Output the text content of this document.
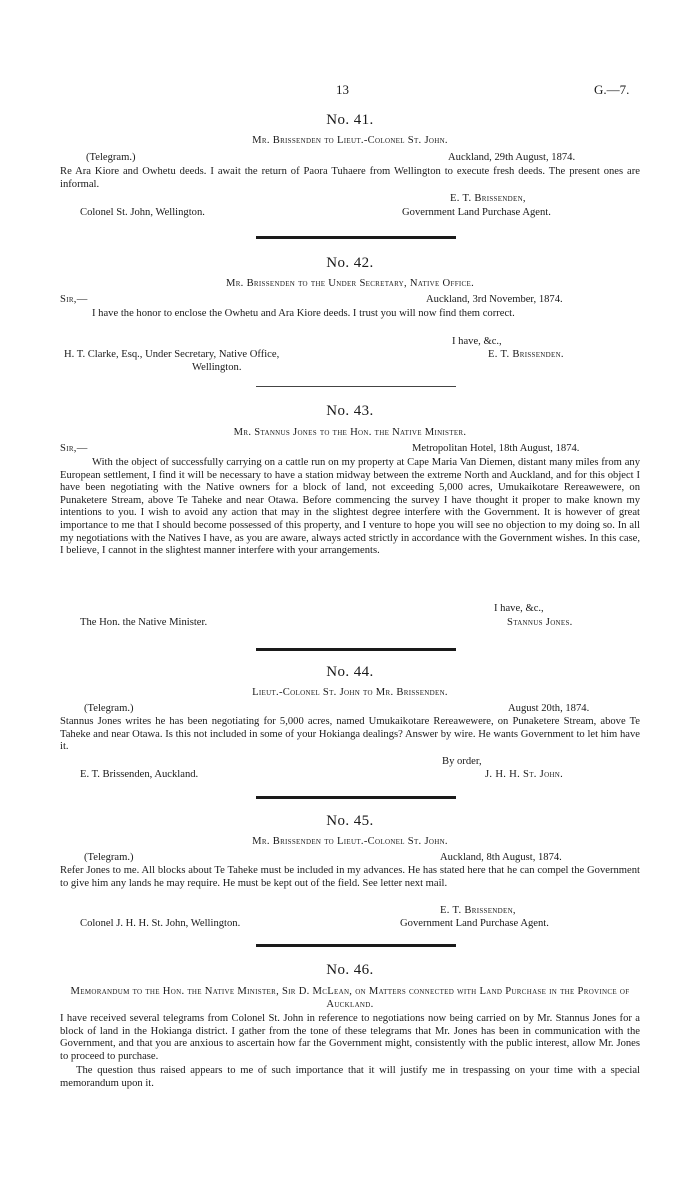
13	G.—7.
No. 41.
Mr. Brissenden to Lieut.-Colonel St. John.
(Telegram.)	Auckland, 29th August, 1874.
Re Ara Kiore and Owhetu deeds. I await the return of Paora Tuhaere from Wellington to execute fresh deeds. The present ones are informal.
E. T. Brissenden,
Colonel St. John, Wellington.	Government Land Purchase Agent.
No. 42.
Mr. Brissenden to the Under Secretary, Native Office.
Sir,—	Auckland, 3rd November, 1874.
I have the honor to enclose the Owhetu and Ara Kiore deeds. I trust you will now find them correct.
I have, &c.,
H. T. Clarke, Esq., Under Secretary, Native Office,	E. T. Brissenden.
Wellington.
No. 43.
Mr. Stannus Jones to the Hon. the Native Minister.
Sir,—	Metropolitan Hotel, 18th August, 1874.
With the object of successfully carrying on a cattle run on my property at Cape Maria Van Diemen, distant many miles from any European settlement, I find it will be necessary to have a station midway between the extreme North and Auckland, and for this object I have been negotiating with the Native owners for a block of land, not exceeding 5,000 acres, Umukaikotare Rereawewere, on Punaketere Stream, above Te Taheke and near Otawa. Before commencing the survey I have thought it proper to make known my intentions to you. I wish to avoid any action that may in the slightest degree interfere with the Government. It is however of great importance to me that I should become possessed of this property, and I venture to hope you will see no objection to my doing so. In all my negotiations with the Natives I have, as you are aware, always acted strictly in accordance with the Government wishes. In this case, I believe, I cannot in the slightest manner interfere with your arrangements.
I have, &c.,
The Hon. the Native Minister.	Stannus Jones.
No. 44.
Lieut.-Colonel St. John to Mr. Brissenden.
(Telegram.)	August 20th, 1874.
Stannus Jones writes he has been negotiating for 5,000 acres, named Umukaikotare Rereawewere, on Punaketere Stream, above Te Taheke and near Otawa. Is this not included in some of your Hokianga dealings? Answer by wire. He wants Government to let him have it.
By order,
E. T. Brissenden, Auckland.	J. H. H. St. John.
No. 45.
Mr. Brissenden to Lieut.-Colonel St. John.
(Telegram.)	Auckland, 8th August, 1874.
Refer Jones to me. All blocks about Te Taheke must be included in my advances. He has stated here that he can compel the Government to give him any lands he may require. He must be kept out of the field. See letter next mail.
E. T. Brissenden,
Colonel J. H. H. St. John, Wellington.	Government Land Purchase Agent.
No. 46.
Memorandum to the Hon. the Native Minister, Sir D. McLean, on Matters connected with Land Purchase in the Province of Auckland.
I have received several telegrams from Colonel St. John in reference to negotiations now being carried on by Mr. Stannus Jones for a block of land in the Hokianga district. I gather from the tone of these telegrams that Mr. Jones has been in communication with the Government, and that you are anxious to ascertain how far the Government might, consistently with the public interest, allow Mr. Jones to proceed to purchase.
The question thus raised appears to me of such importance that it will justify me in trespassing on your time with a special memorandum upon it.
